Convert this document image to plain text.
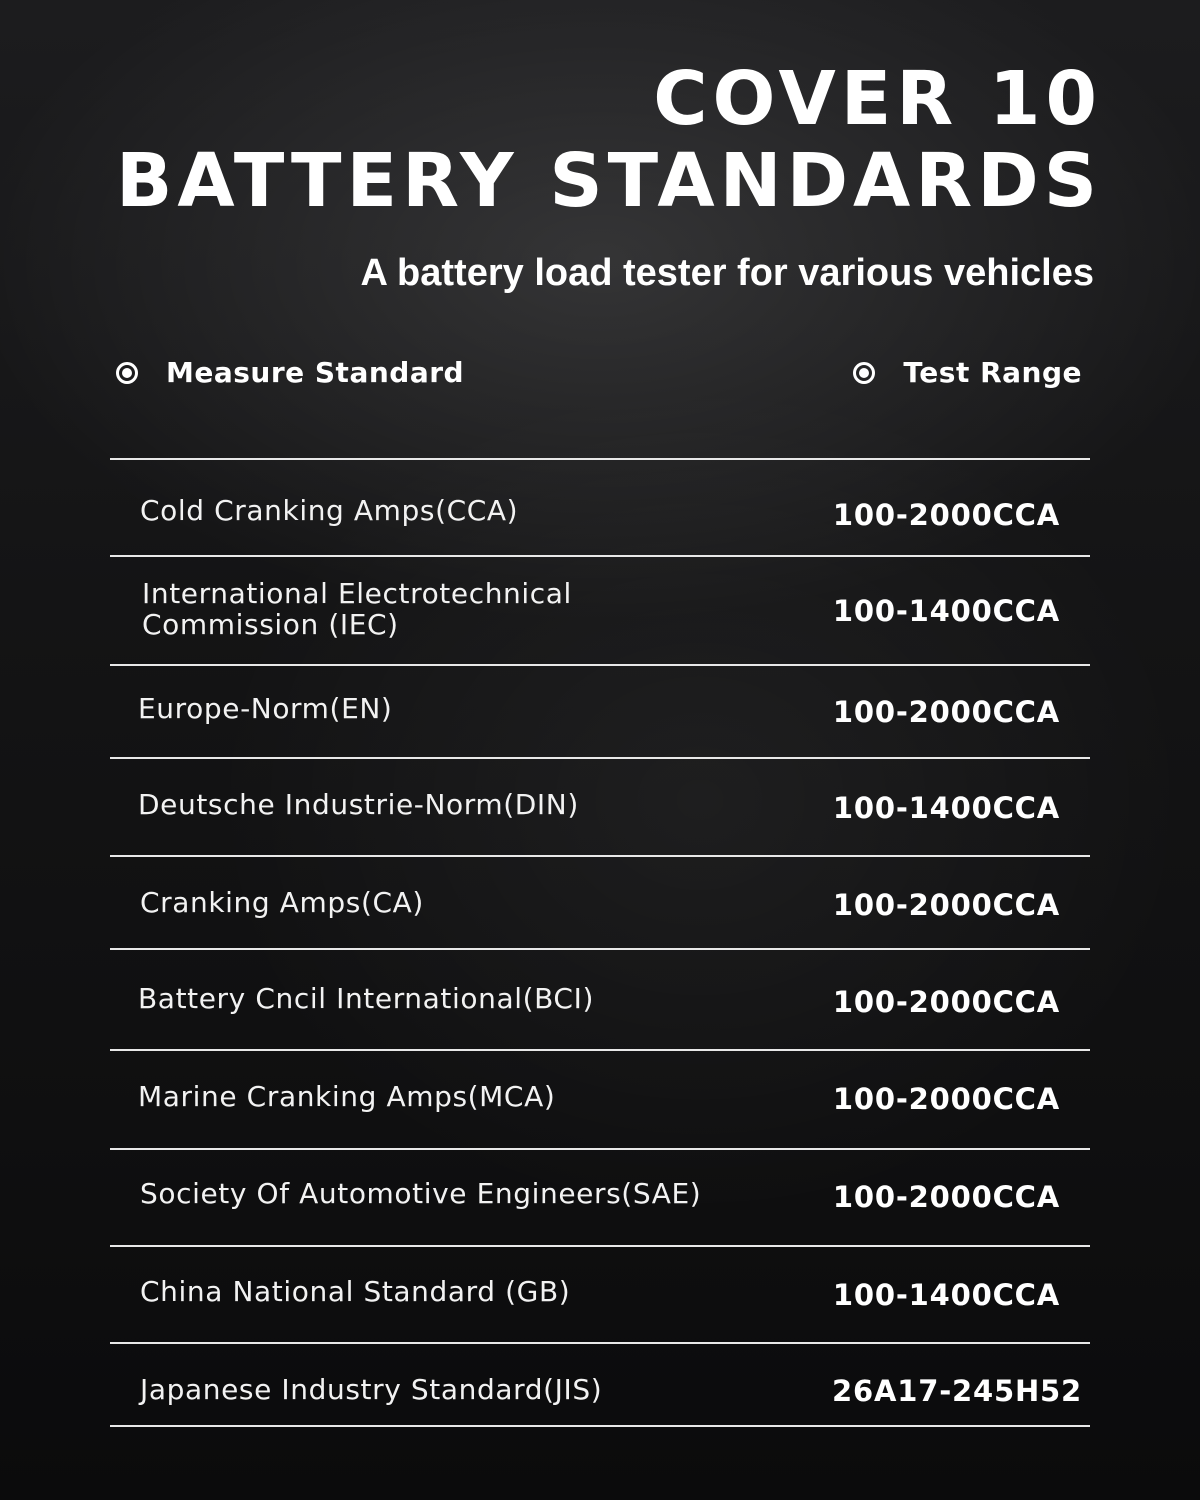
COVER 10
BATTERY STANDARDS

A battery load tester for various vehicles

Measure Standard	Test Range
Cold Cranking Amps(CCA)	100-2000CCA
International Electrotechnical
Commission (IEC)	100-1400CCA
Europe-Norm(EN)	100-2000CCA
Deutsche Industrie-Norm(DIN)	100-1400CCA
Cranking Amps(CA)	100-2000CCA
Battery Cncil International(BCI)	100-2000CCA
Marine Cranking Amps(MCA)	100-2000CCA
Society Of Automotive Engineers(SAE)	100-2000CCA
China National Standard (GB)	100-1400CCA
Japanese Industry Standard(JIS)	26A17-245H52
